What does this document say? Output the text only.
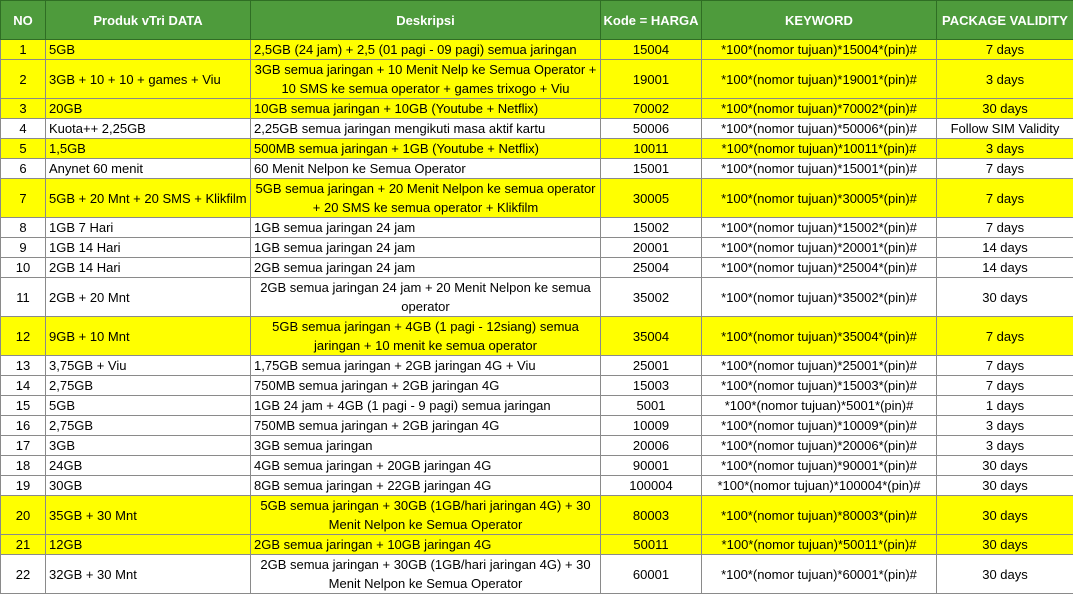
NO	Produk vTri DATA	Deskripsi	Kode = HARGA	KEYWORD	PACKAGE VALIDITY
1	5GB	2,5GB (24 jam) + 2,5 (01 pagi - 09 pagi) semua jaringan	15004	*100*(nomor tujuan)*15004*(pin)#	7 days
2	3GB + 10 + 10 + games + Viu	3GB semua jaringan + 10 Menit Nelp ke Semua Operator + 10 SMS ke semua operator + games trixogo + Viu	19001	*100*(nomor tujuan)*19001*(pin)#	3 days
3	20GB	10GB semua jaringan + 10GB (Youtube + Netflix)	70002	*100*(nomor tujuan)*70002*(pin)#	30 days
4	Kuota++ 2,25GB	2,25GB semua jaringan mengikuti masa aktif kartu	50006	*100*(nomor tujuan)*50006*(pin)#	Follow SIM Validity
5	1,5GB	500MB semua jaringan + 1GB (Youtube + Netflix)	10011	*100*(nomor tujuan)*10011*(pin)#	3 days
6	Anynet 60 menit	60 Menit Nelpon ke Semua Operator	15001	*100*(nomor tujuan)*15001*(pin)#	7 days
7	5GB + 20 Mnt + 20 SMS + Klikfilm	5GB semua jaringan + 20 Menit Nelpon ke semua operator + 20 SMS ke semua operator + Klikfilm	30005	*100*(nomor tujuan)*30005*(pin)#	7 days
8	1GB 7 Hari	1GB semua jaringan 24 jam	15002	*100*(nomor tujuan)*15002*(pin)#	7 days
9	1GB 14 Hari	1GB semua jaringan 24 jam	20001	*100*(nomor tujuan)*20001*(pin)#	14 days
10	2GB 14 Hari	2GB semua jaringan 24 jam	25004	*100*(nomor tujuan)*25004*(pin)#	14 days
11	2GB + 20 Mnt	2GB semua jaringan 24 jam + 20 Menit Nelpon ke semua operator	35002	*100*(nomor tujuan)*35002*(pin)#	30 days
12	9GB + 10 Mnt	5GB semua jaringan + 4GB (1 pagi - 12siang) semua jaringan + 10 menit ke semua operator	35004	*100*(nomor tujuan)*35004*(pin)#	7 days
13	3,75GB + Viu	1,75GB semua jaringan + 2GB jaringan 4G + Viu	25001	*100*(nomor tujuan)*25001*(pin)#	7 days
14	2,75GB	750MB semua jaringan + 2GB jaringan 4G	15003	*100*(nomor tujuan)*15003*(pin)#	7 days
15	5GB	1GB 24 jam + 4GB (1 pagi - 9 pagi) semua jaringan	5001	*100*(nomor tujuan)*5001*(pin)#	1 days
16	2,75GB	750MB semua jaringan + 2GB jaringan 4G	10009	*100*(nomor tujuan)*10009*(pin)#	3 days
17	3GB	3GB semua jaringan	20006	*100*(nomor tujuan)*20006*(pin)#	3 days
18	24GB	4GB semua jaringan + 20GB jaringan 4G	90001	*100*(nomor tujuan)*90001*(pin)#	30 days
19	30GB	8GB semua jaringan + 22GB jaringan 4G	100004	*100*(nomor tujuan)*100004*(pin)#	30 days
20	35GB + 30 Mnt	5GB semua jaringan + 30GB (1GB/hari jaringan 4G) + 30 Menit Nelpon ke Semua Operator	80003	*100*(nomor tujuan)*80003*(pin)#	30 days
21	12GB	2GB semua jaringan + 10GB jaringan 4G	50011	*100*(nomor tujuan)*50011*(pin)#	30 days
22	32GB + 30 Mnt	2GB semua jaringan + 30GB (1GB/hari jaringan 4G) + 30 Menit Nelpon ke Semua Operator	60001	*100*(nomor tujuan)*60001*(pin)#	30 days
